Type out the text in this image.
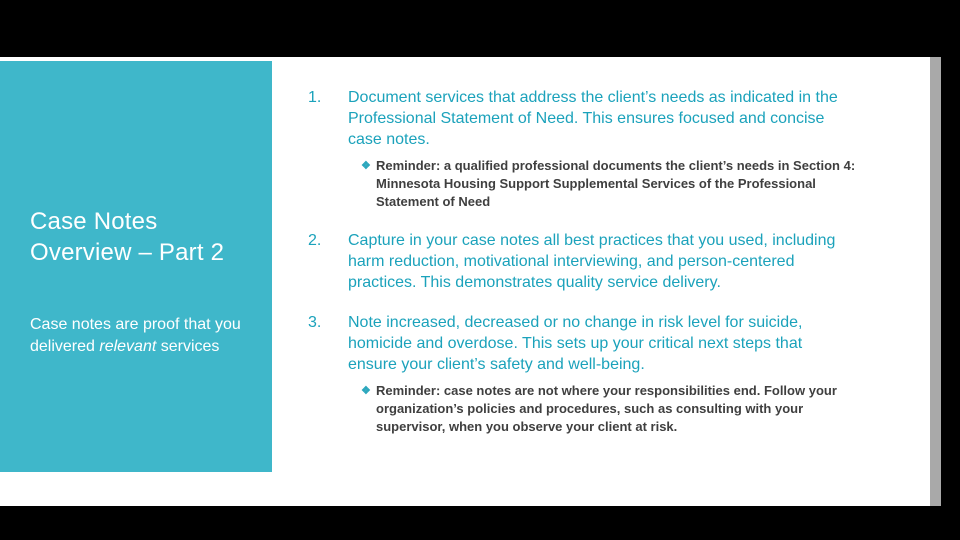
Case Notes
Overview – Part 2
Case notes are proof that you delivered relevant services
1.	Document services that address the client’s needs as indicated in the Professional Statement of Need. This ensures focused and concise case notes.
❖ Reminder: a qualified professional documents the client’s needs in Section 4: Minnesota Housing Support Supplemental Services of the Professional Statement of Need
2.	Capture in your case notes all best practices that you used, including harm reduction, motivational interviewing, and person-centered practices. This demonstrates quality service delivery.
3.	Note increased, decreased or no change in risk level for suicide, homicide and overdose. This sets up your critical next steps that ensure your client’s safety and well-being.
❖ Reminder: case notes are not where your responsibilities end. Follow your organization’s policies and procedures, such as consulting with your supervisor, when you observe your client at risk.
